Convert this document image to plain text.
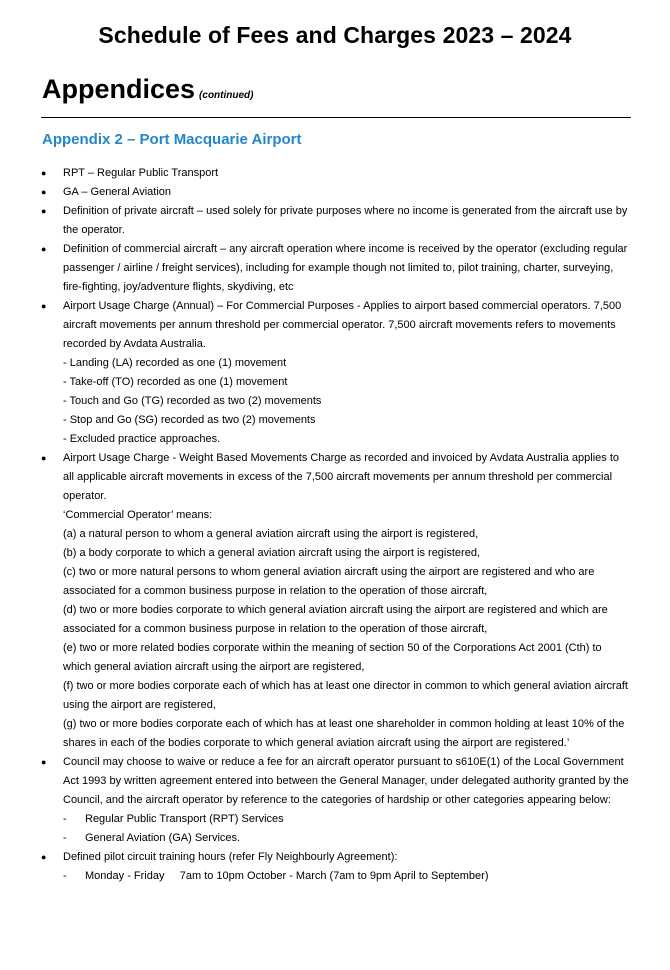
Schedule of Fees and Charges 2023 – 2024
Appendices (continued)
Appendix 2 – Port Macquarie Airport
● RPT – Regular Public Transport
● GA – General Aviation
● Definition of private aircraft – used solely for private purposes where no income is generated from the aircraft use by the operator.
● Definition of commercial aircraft – any aircraft operation where income is received by the operator (excluding regular passenger / airline / freight services), including for example though not limited to, pilot training, charter, surveying, fire-fighting, joy/adventure flights, skydiving, etc
● Airport Usage Charge (Annual) – For Commercial Purposes - Applies to airport based commercial operators. 7,500 aircraft movements per annum threshold per commercial operator. 7,500 aircraft movements refers to movements recorded by Avdata Australia.
- Landing (LA) recorded as one (1) movement
- Take-off (TO) recorded as one (1) movement
- Touch and Go (TG) recorded as two (2) movements
- Stop and Go (SG) recorded as two (2) movements
- Excluded practice approaches.
● Airport Usage Charge - Weight Based Movements Charge as recorded and invoiced by Avdata Australia applies to all applicable aircraft movements in excess of the 7,500 aircraft movements per annum threshold per commercial operator.
‘Commercial Operator’ means:
(a) a natural person to whom a general aviation aircraft using the airport is registered,
(b) a body corporate to which a general aviation aircraft using the airport is registered,
(c) two or more natural persons to whom general aviation aircraft using the airport are registered and who are associated for a common business purpose in relation to the operation of those aircraft,
(d) two or more bodies corporate to which general aviation aircraft using the airport are registered and which are associated for a common business purpose in relation to the operation of those aircraft,
(e) two or more related bodies corporate within the meaning of section 50 of the Corporations Act 2001 (Cth) to which general aviation aircraft using the airport are registered,
(f) two or more bodies corporate each of which has at least one director in common to which general aviation aircraft using the airport are registered,
(g) two or more bodies corporate each of which has at least one shareholder in common holding at least 10% of the shares in each of the bodies corporate to which general aviation aircraft using the airport are registered.’
● Council may choose to waive or reduce a fee for an aircraft operator pursuant to s610E(1) of the Local Government Act 1993 by written agreement entered into between the General Manager, under delegated authority granted by the Council, and the aircraft operator by reference to the categories of hardship or other categories appearing below:
- Regular Public Transport (RPT) Services
- General Aviation (GA) Services.
● Defined pilot circuit training hours (refer Fly Neighbourly Agreement):
- Monday - Friday     7am to 10pm October - March (7am to 9pm April to September)
